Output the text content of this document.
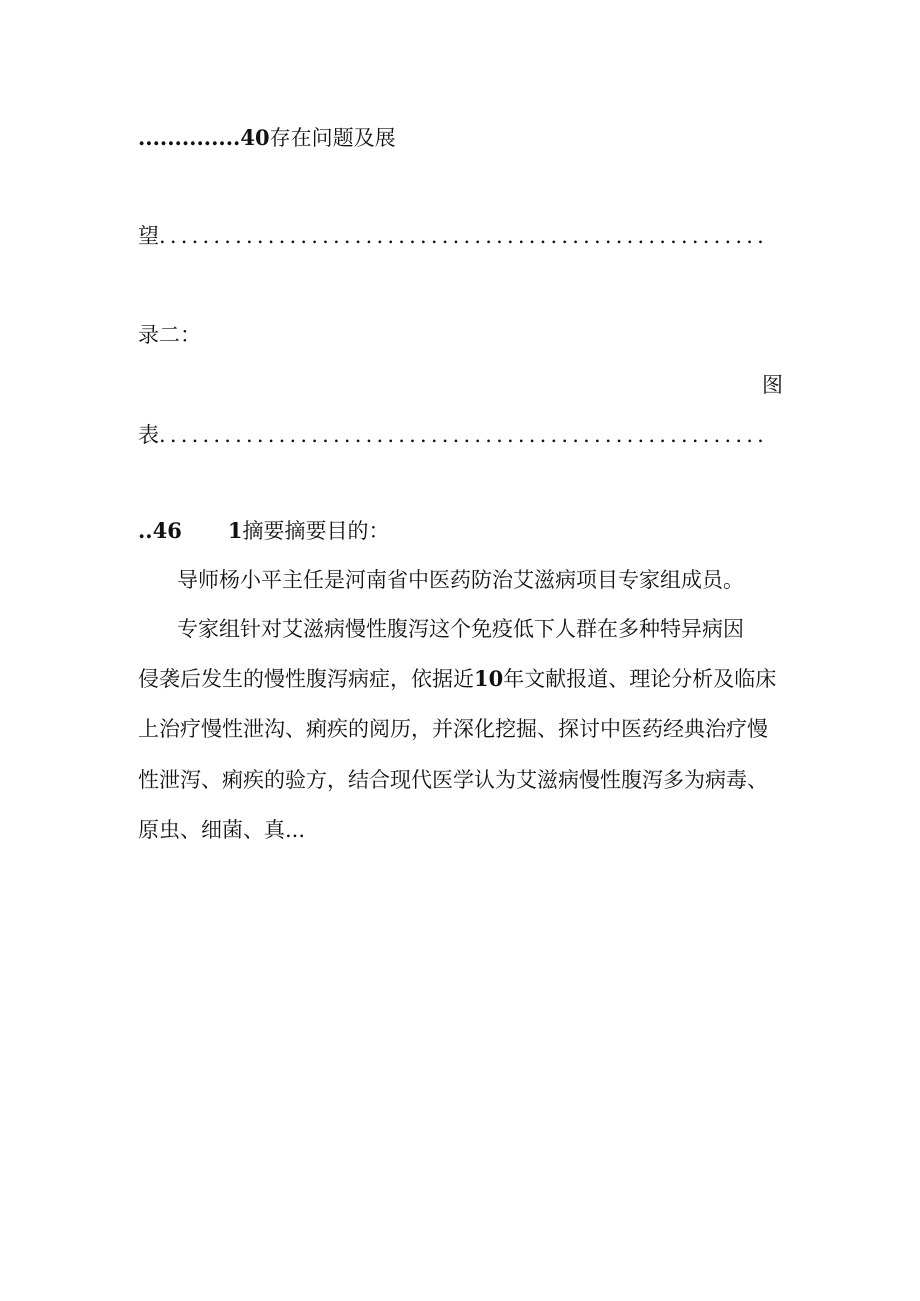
..............40存在问题及展
望........................................................
录二：
图
表........................................................
..46 1摘要摘要目的：
导师杨小平主任是河南省中医药防治艾滋病项目专家组成员。
专家组针对艾滋病慢性腹泻这个免疫低下人群在多种特异病因
侵袭后发生的慢性腹泻病症，依据近10年文献报道、理论分析及临床
上治疗慢性泄沟、痢疾的阅历，并深化挖掘、探讨中医药经典治疗慢
性泄泻、痢疾的验方，结合现代医学认为艾滋病慢性腹泻多为病毒、
原虫、细菌、真...
